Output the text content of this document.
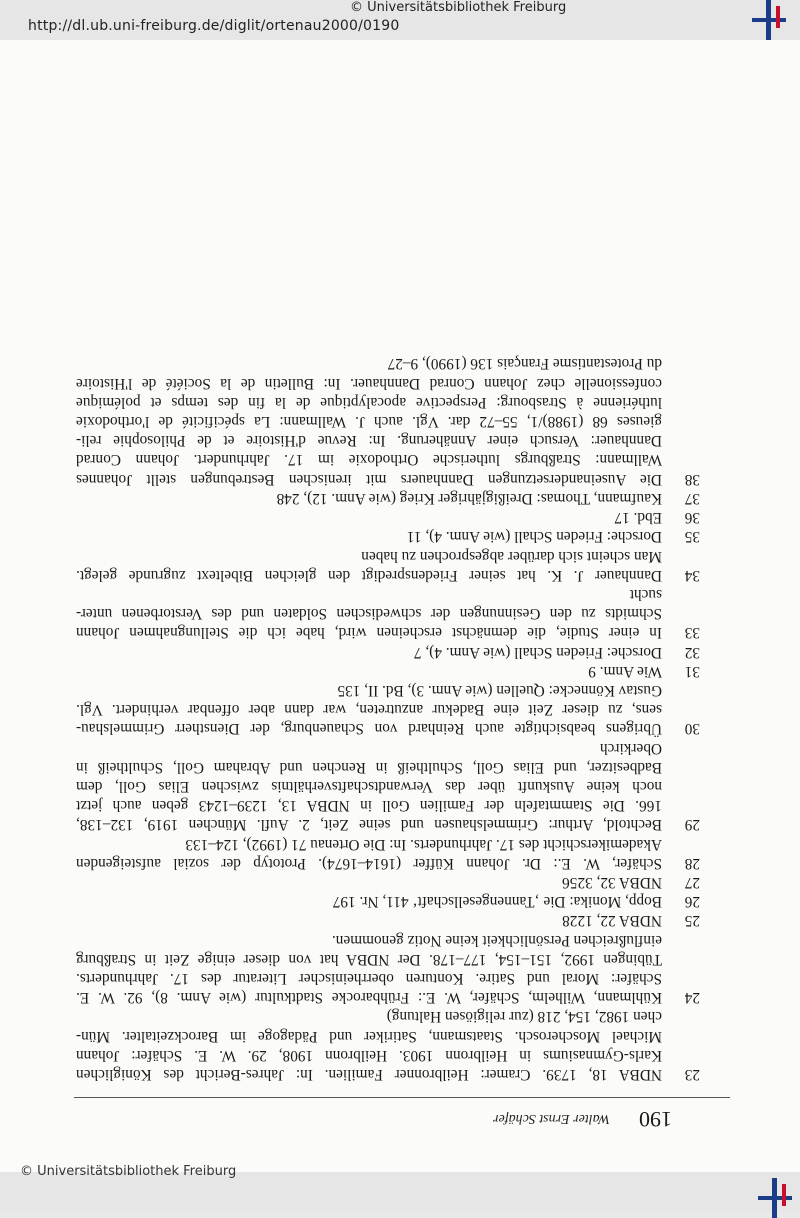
http://dl.ub.uni-freiburg.de/diglit/ortenau2000/0190
© Universitätsbibliothek Freiburg
190
Walter Ernst Schäfer
23
NDBA 18, 1739. Cramer: Heilbronner Familien. In: Jahres-Bericht des Königlichen
Karls-Gymnasiums in Heilbronn 1903. Heilbronn 1908, 29. W. E. Schäfer: Johann
Michael Moscherosch. Staatsmann, Satiriker und Pädagoge im Barockzeitalter. Mün-
chen 1982, 154, 218 (zur religiösen Haltung)
24
Kühlmann, Wilhelm, Schäfer, W. E.: Frühbarocke Stadtkultur (wie Anm. 8), 92. W. E.
Schäfer: Moral und Satire. Konturen oberrheinischer Literatur des 17. Jahrhunderts.
Tübingen 1992, 151–154, 177–178. Der NDBA hat von dieser einige Zeit in Straßburg
einflußreichen Persönlichkeit keine Notiz genommen.
25
NDBA 22, 1228
26
Bopp, Monika: Die ‚Tannengesellschaft‘ 411, Nr. 197
27
NDBA 32, 3256
28
Schäfer, W. E.: Dr. Johann Küffer (1614–1674). Prototyp der sozial aufsteigenden
Akademikerschicht des 17. Jahrhunderts. In: Die Ortenau 71 (1992), 124–133
29
Bechtold, Arthur: Grimmelshausen und seine Zeit, 2. Aufl. München 1919, 132–138,
166. Die Stammtafeln der Familien Goll in NDBA 13, 1239–1243 geben auch jetzt
noch keine Auskunft über das Verwandtschaftsverhältnis zwischen Elias Goll, dem
Badbesitzer, und Elias Goll, Schultheiß in Renchen und Abraham Goll, Schultheiß in
Oberkirch
30
Übrigens beabsichtigte auch Reinhard von Schauenburg, der Dienstherr Grimmelshau-
sens, zu dieser Zeit eine Badekur anzutreten, war dann aber offenbar verhindert. Vgl.
Gustav Könnecke: Quellen (wie Anm. 3), Bd. II, 135
31
Wie Anm. 9
32
Dorsche: Frieden Schall (wie Anm. 4), 7
33
In einer Studie, die demnächst erscheinen wird, habe ich die Stellungnahmen Johann
Schmidts zu den Gesinnungen der schwedischen Soldaten und des Verstorbenen unter-
sucht
34
Dannhauer J. K. hat seiner Friedenspredigt den gleichen Bibeltext zugrunde gelegt.
Man scheint sich darüber abgesprochen zu haben
35
Dorsche: Frieden Schall (wie Anm. 4), 11
36
Ebd. 17
37
Kaufmann, Thomas: Dreißigjähriger Krieg (wie Anm. 12), 248
38
Die Auseinandersetzungen Dannhauers mit irenischen Bestrebungen stellt Johannes
Wallmann: Straßburgs lutherische Orthodoxie im 17. Jahrhundert. Johann Conrad
Dannhauer: Versuch einer Annäherung. In: Revue d'Histoire et de Philosophie reli-
gieuses 68 (1988)/1, 55–72 dar. Vgl. auch J. Wallmann: La spécificité de l'orthodoxie
luthérienne à Strasbourg: Perspective apocalyptique de la fin des temps et polémique
confessionelle chez Johann Conrad Dannhauer. In: Bulletin de la Société de l'Histoire
du Protestantisme Français 136 (1990), 9–27
© Universitätsbibliothek Freiburg
